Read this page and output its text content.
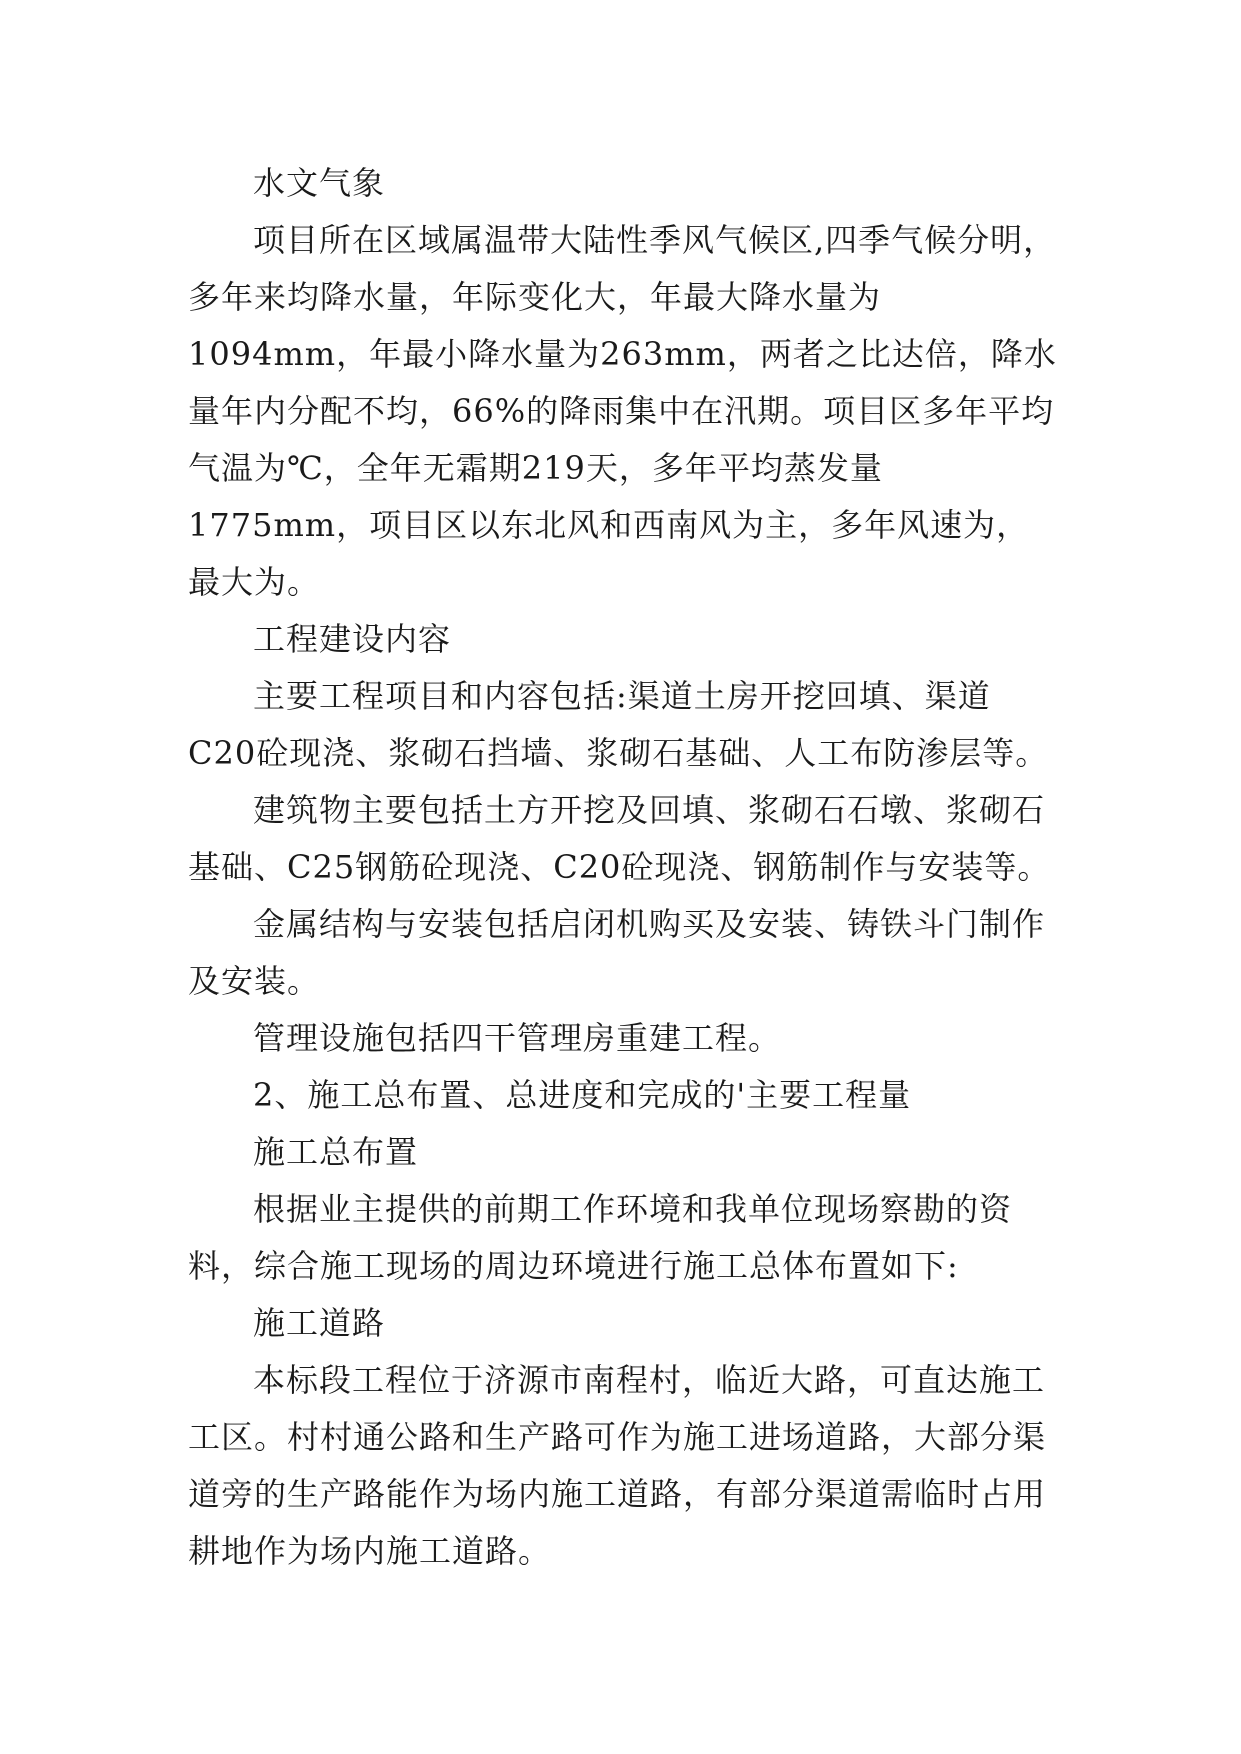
水文气象

项目所在区域属温带大陆性季风气候区,四季气候分明，多年来均降水量，年际变化大，年最大降水量为1094mm，年最小降水量为263mm，两者之比达倍，降水量年内分配不均，66%的降雨集中在汛期。项目区多年平均气温为℃，全年无霜期219天，多年平均蒸发量1775mm，项目区以东北风和西南风为主，多年风速为，最大为。

工程建设内容

主要工程项目和内容包括:渠道土房开挖回填、渠道C20砼现浇、浆砌石挡墙、浆砌石基础、人工布防渗层等。

建筑物主要包括土方开挖及回填、浆砌石石墩、浆砌石基础、C25钢筋砼现浇、C20砼现浇、钢筋制作与安装等。

金属结构与安装包括启闭机购买及安装、铸铁斗门制作及安装。

管理设施包括四干管理房重建工程。

2、施工总布置、总进度和完成的'主要工程量

施工总布置

根据业主提供的前期工作环境和我单位现场察勘的资料，综合施工现场的周边环境进行施工总体布置如下:

施工道路

本标段工程位于济源市南程村，临近大路，可直达施工工区。村村通公路和生产路可作为施工进场道路，大部分渠道旁的生产路能作为场内施工道路，有部分渠道需临时占用耕地作为场内施工道路。
